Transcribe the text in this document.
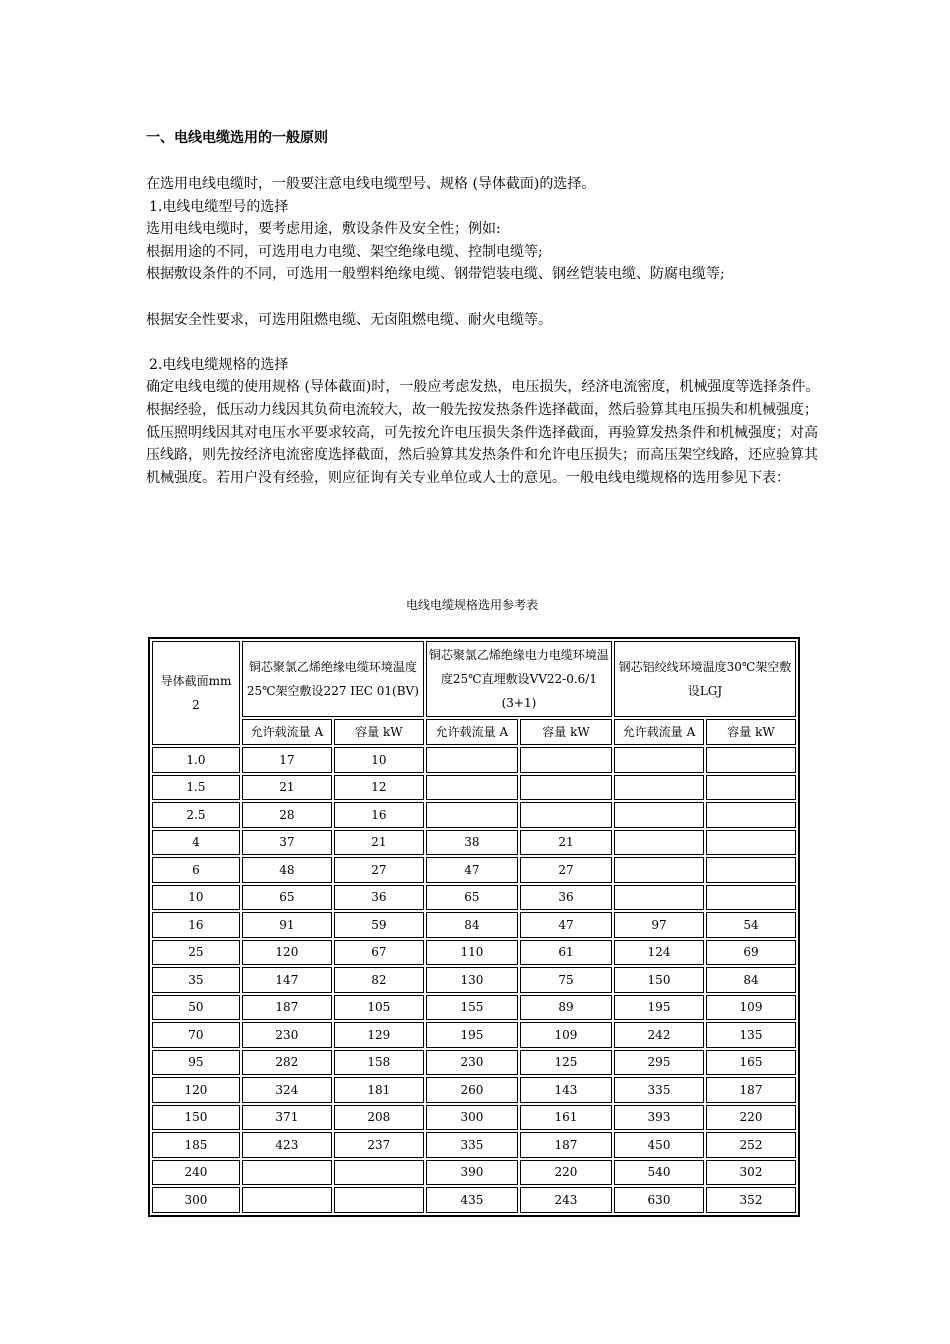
一、电线电缆选用的一般原则

在选用电线电缆时，一般要注意电线电缆型号、规格 (导体截面)的选择。

1.电线电缆型号的选择

选用电线电缆时，要考虑用途，敷设条件及安全性；例如:

根据用途的不同，可选用电力电缆、架空绝缘电缆、控制电缆等;

根据敷设条件的不同，可选用一般塑料绝缘电缆、钢带铠装电缆、钢丝铠装电缆、防腐电缆等;

根据安全性要求，可选用阻燃电缆、无卤阻燃电缆、耐火电缆等。

2.电线电缆规格的选择

确定电线电缆的使用规格 (导体截面)时，一般应考虑发热，电压损失，经济电流密度，机械强度等选择条件。

根据经验，低压动力线因其负荷电流较大，故一般先按发热条件选择截面，然后验算其电压损失和机械强度；低压照明线因其对电压水平要求较高，可先按允许电压损失条件选择截面，再验算发热条件和机械强度；对高压线路，则先按经济电流密度选择截面，然后验算其发热条件和允许电压损失；而高压架空线路，还应验算其机械强度。若用户没有经验，则应征询有关专业单位或人士的意见。一般电线电缆规格的选用参见下表：

电线电缆规格选用参考表

导体截面mm 2	铜芯聚氯乙烯绝缘电缆环境温度25℃架空敷设227 IEC 01(BV)		铜芯聚氯乙烯绝缘电力电缆环境温度25℃直埋敷设VV22-0.6/1 (3+1)		钢芯铝绞线环境温度30℃架空敷设LGJ	
	允许载流量 A	容量 kW	允许载流量 A	容量 kW	允许载流量 A	容量 kW
1.0	17	10				
1.5	21	12				
2.5	28	16				
4	37	21	38	21		
6	48	27	47	27		
10	65	36	65	36		
16	91	59	84	47	97	54
25	120	67	110	61	124	69
35	147	82	130	75	150	84
50	187	105	155	89	195	109
70	230	129	195	109	242	135
95	282	158	230	125	295	165
120	324	181	260	143	335	187
150	371	208	300	161	393	220
185	423	237	335	187	450	252
240			390	220	540	302
300			435	243	630	352
